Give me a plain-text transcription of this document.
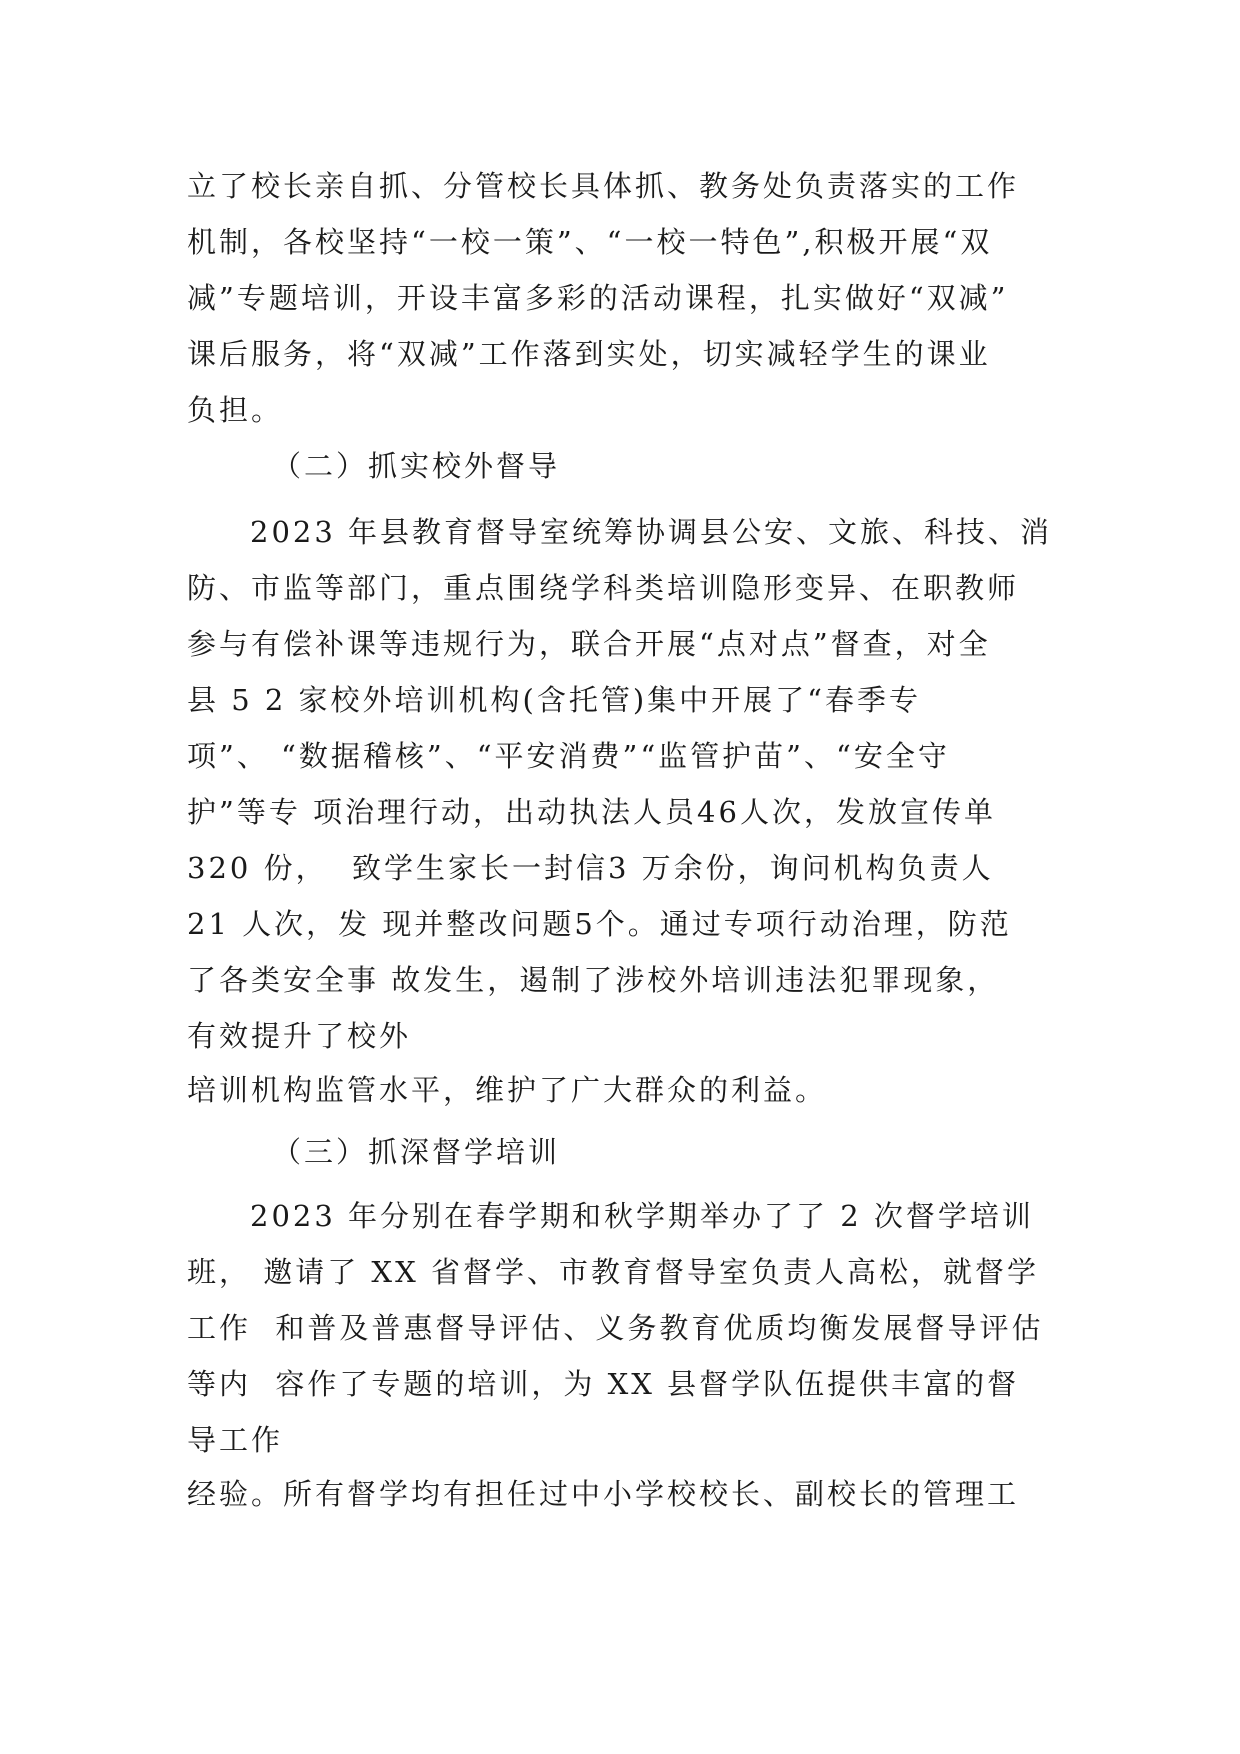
立了校长亲自抓、分管校长具体抓、教务处负责落实的工作
机制，各校坚持“一校一策”、“一校一特色”,积极开展“双
减”专题培训，开设丰富多彩的活动课程，扎实做好“双减”
课后服务，将“双减”工作落到实处，切实减轻学生的课业
负担。
（二）抓实校外督导
2023 年县教育督导室统筹协调县公安、文旅、科技、消
防、市监等部门，重点围绕学科类培训隐形变异、在职教师
参与有偿补课等违规行为，联合开展“点对点”督查，对全
县 5 2 家校外培训机构(含托管)集中开展了“春季专
项”、 “数据稽核”、“平安消费”“监管护苗”、“安全守
护”等专 项治理行动，出动执法人员46人次，发放宣传单
320 份，  致学生家长一封信3 万余份，询问机构负责人
21 人次，发 现并整改问题5个。通过专项行动治理，防范
了各类安全事 故发生，遏制了涉校外培训违法犯罪现象，
有效提升了校外
培训机构监管水平，维护了广大群众的利益。
（三）抓深督学培训
2023 年分别在春学期和秋学期举办了了 2 次督学培训
班， 邀请了 XX 省督学、市教育督导室负责人高松，就督学
工作  和普及普惠督导评估、义务教育优质均衡发展督导评估
等内  容作了专题的培训，为 XX 县督学队伍提供丰富的督
导工作
经验。所有督学均有担任过中小学校校长、副校长的管理工
